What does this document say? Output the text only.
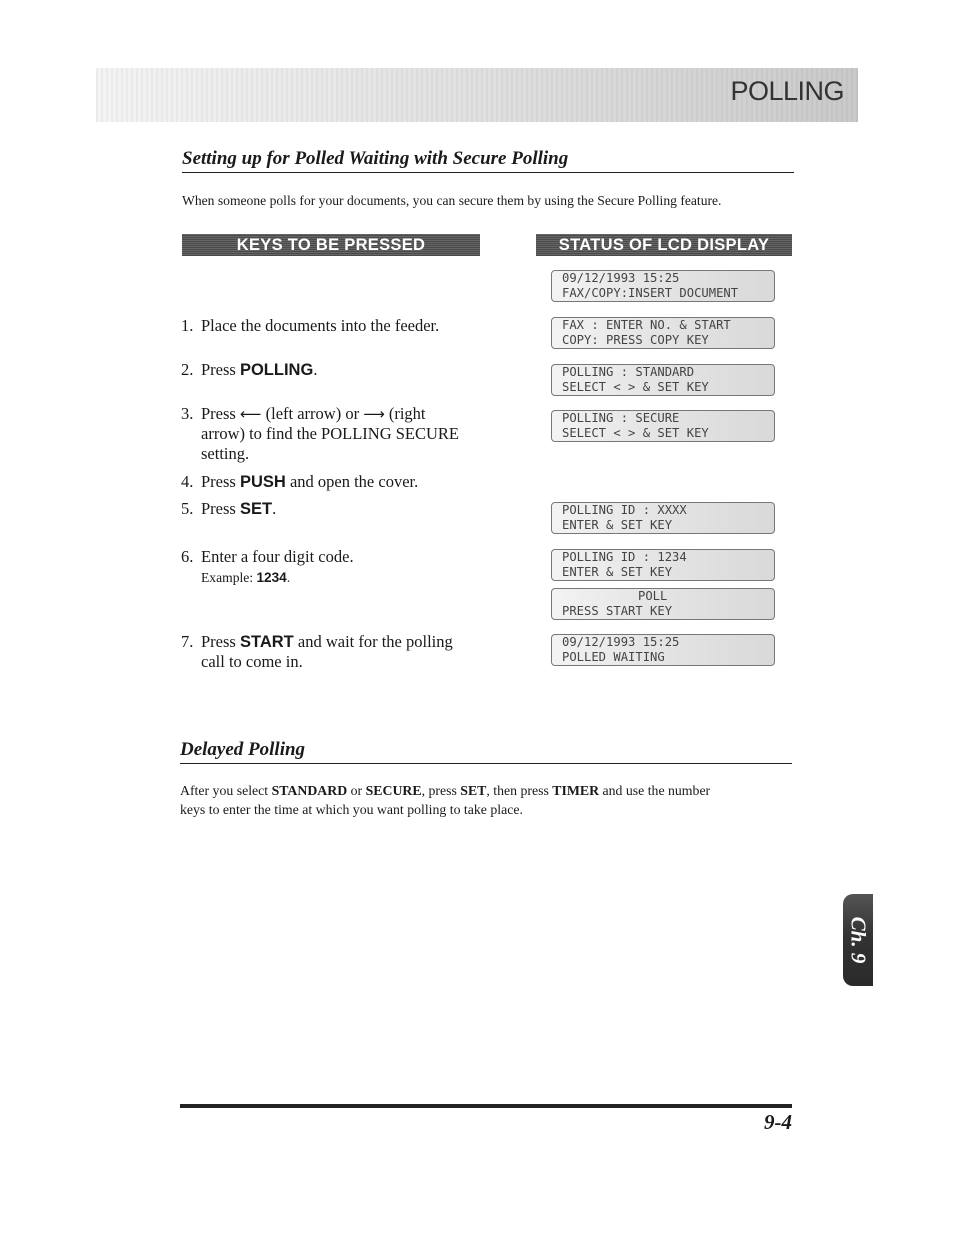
POLLING
Setting up for Polled Waiting with Secure Polling
When someone polls for your documents, you can secure them by using the Secure Polling feature.
KEYS TO BE PRESSED	STATUS OF LCD DISPLAY
1. Place the documents into the feeder.
2. Press POLLING.
3. Press ⟵ (left arrow) or ⟶ (right
arrow) to find the POLLING SECURE
setting.
4. Press PUSH and open the cover.
5. Press SET.
6. Enter a four digit code.
Example: 1234.
7. Press START and wait for the polling
call to come in.
09/12/1993 15:25
FAX/COPY:INSERT DOCUMENT
FAX : ENTER NO. & START
COPY: PRESS COPY KEY
POLLING : STANDARD
SELECT < > & SET KEY
POLLING : SECURE
SELECT < > & SET KEY
POLLING ID : XXXX
ENTER & SET KEY
POLLING ID : 1234
ENTER & SET KEY
POLL
PRESS START KEY
09/12/1993 15:25
POLLED WAITING
Delayed Polling
After you select STANDARD or SECURE, press SET, then press TIMER and use the number
keys to enter the time at which you want polling to take place.
Ch. 9
9-4
